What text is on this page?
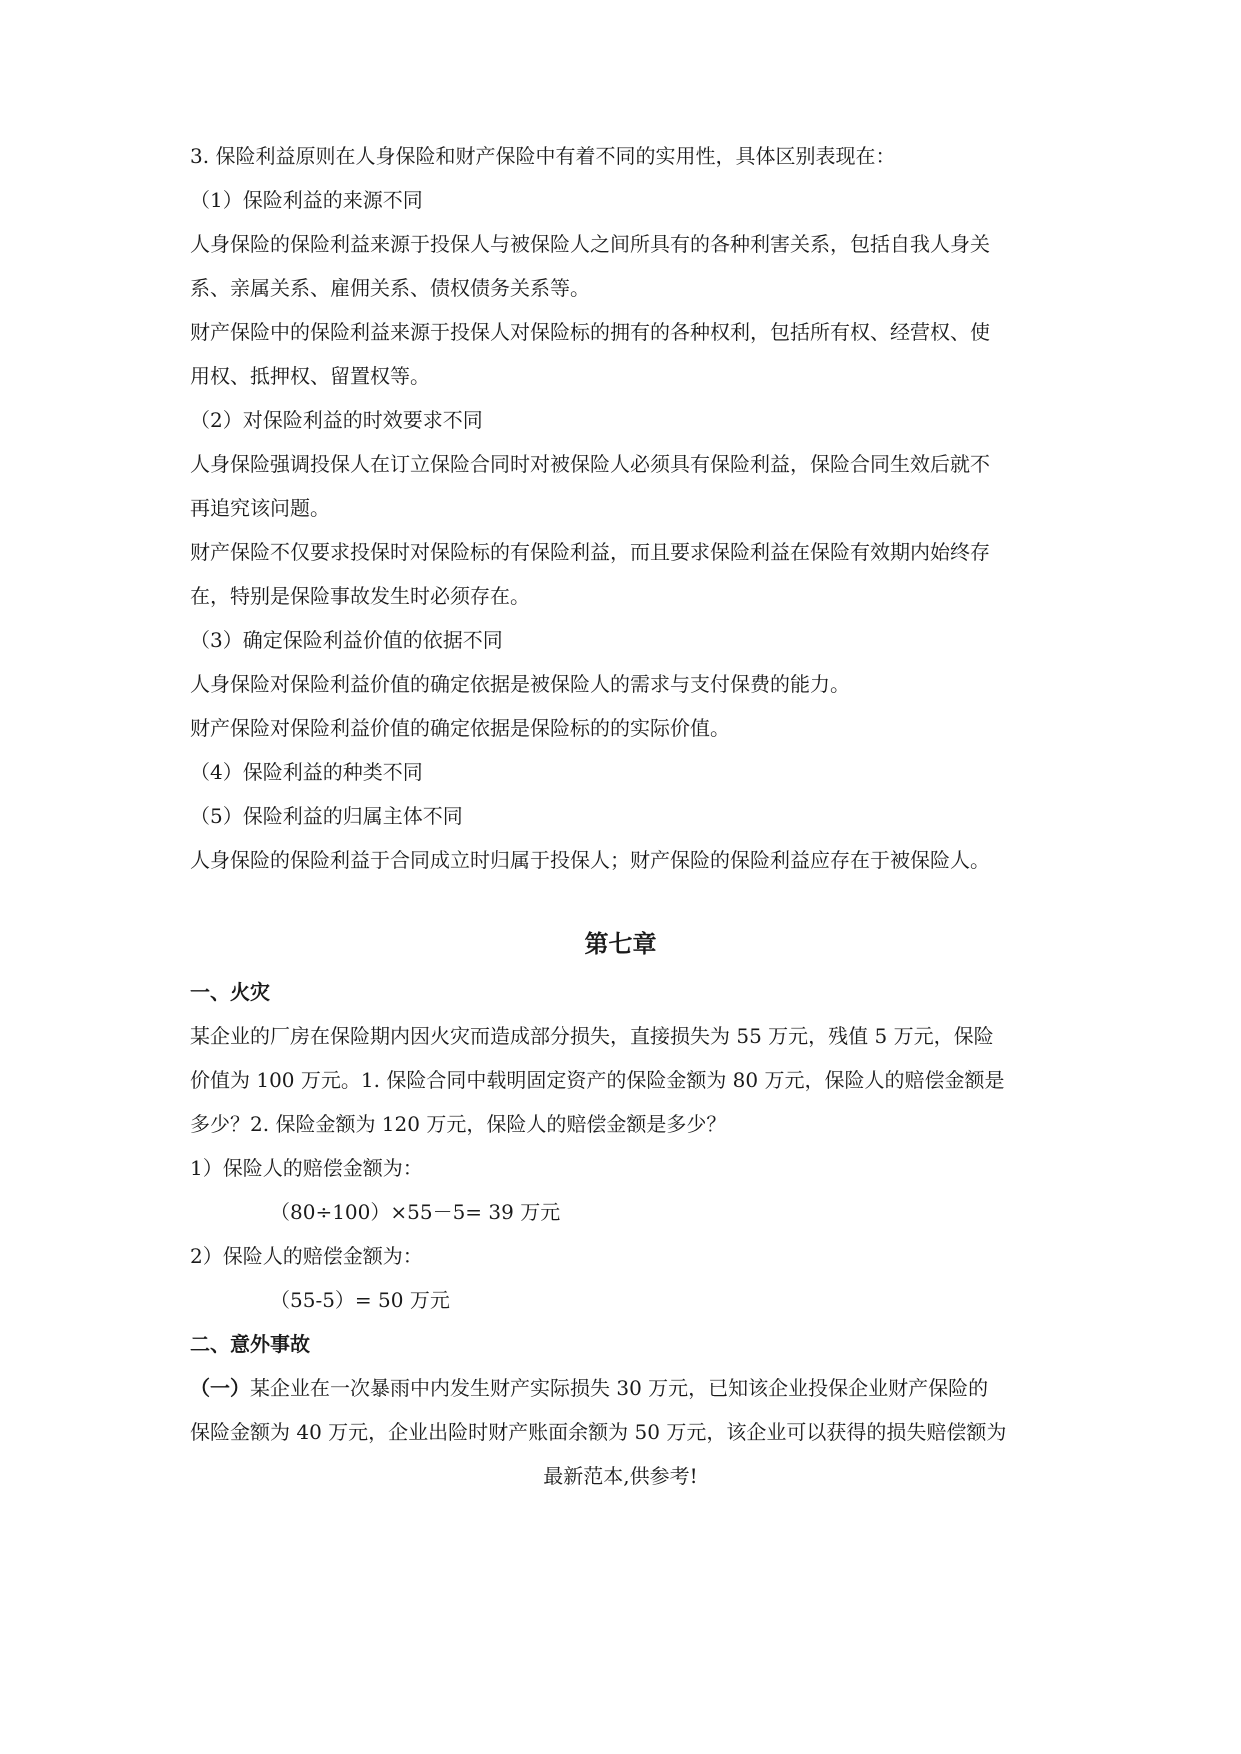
3. 保险利益原则在人身保险和财产保险中有着不同的实用性，具体区别表现在：
（1）保险利益的来源不同
人身保险的保险利益来源于投保人与被保险人之间所具有的各种利害关系，包括自我人身关
系、亲属关系、雇佣关系、债权债务关系等。
财产保险中的保险利益来源于投保人对保险标的拥有的各种权利，包括所有权、经营权、使
用权、抵押权、留置权等。
（2）对保险利益的时效要求不同
人身保险强调投保人在订立保险合同时对被保险人必须具有保险利益，保险合同生效后就不
再追究该问题。
财产保险不仅要求投保时对保险标的有保险利益，而且要求保险利益在保险有效期内始终存
在，特别是保险事故发生时必须存在。
（3）确定保险利益价值的依据不同
人身保险对保险利益价值的确定依据是被保险人的需求与支付保费的能力。
财产保险对保险利益价值的确定依据是保险标的的实际价值。
（4）保险利益的种类不同
（5）保险利益的归属主体不同
人身保险的保险利益于合同成立时归属于投保人；财产保险的保险利益应存在于被保险人。
第七章
一、火灾
某企业的厂房在保险期内因火灾而造成部分损失，直接损失为 55 万元，残值 5 万元，保险
价值为 100 万元。1. 保险合同中载明固定资产的保险金额为 80 万元，保险人的赔偿金额是
多少？2. 保险金额为 120 万元，保险人的赔偿金额是多少？
1）保险人的赔偿金额为：
（80÷100）×55－5= 39 万元
2）保险人的赔偿金额为：
（55-5）= 50 万元
二、意外事故
（一）某企业在一次暴雨中内发生财产实际损失 30 万元，已知该企业投保企业财产保险的
保险金额为 40 万元，企业出险时财产账面余额为 50 万元，该企业可以获得的损失赔偿额为
最新范本,供参考!
